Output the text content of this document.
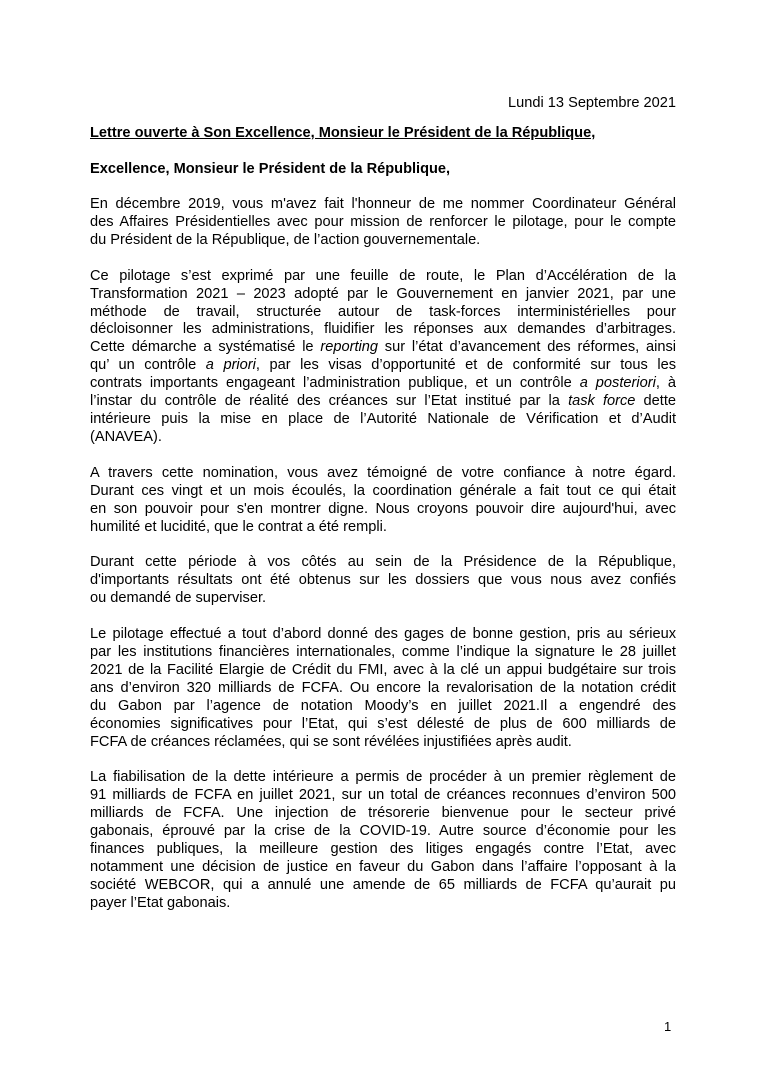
Lundi 13 Septembre 2021
Lettre ouverte à Son Excellence, Monsieur le Président de la République,
Excellence, Monsieur le Président de la République,
En décembre 2019, vous m'avez fait l'honneur de me nommer Coordinateur Général
des Affaires Présidentielles avec pour mission de renforcer le pilotage, pour le compte
du Président de la République, de l’action gouvernementale.
Ce pilotage s’est exprimé par une feuille de route, le Plan d’Accélération de la
Transformation 2021 – 2023 adopté par le Gouvernement en janvier 2021, par une
méthode de travail, structurée autour de task-forces interministérielles pour
décloisonner les administrations, fluidifier les réponses aux demandes d’arbitrages.
Cette démarche a systématisé le reporting sur l’état d’avancement des réformes, ainsi
qu’ un contrôle a priori, par les visas d’opportunité et de conformité sur tous les
contrats importants engageant l’administration publique, et un contrôle a posteriori, à
l’instar du contrôle de réalité des créances sur l’Etat institué par la task force dette
intérieure puis la mise en place de l’Autorité Nationale de Vérification et d’Audit
(ANAVEA).
A travers cette nomination, vous avez témoigné de votre confiance à notre égard.
Durant ces vingt et un mois écoulés, la coordination générale a fait tout ce qui était
en son pouvoir pour s'en montrer digne. Nous croyons pouvoir dire aujourd'hui, avec
humilité et lucidité, que le contrat a été rempli.
Durant cette période à vos côtés au sein de la Présidence de la République,
d'importants résultats ont été obtenus sur les dossiers que vous nous avez confiés
ou demandé de superviser.
Le pilotage effectué a tout d’abord donné des gages de bonne gestion, pris au sérieux
par les institutions financières internationales, comme l’indique la signature le 28 juillet
2021 de la Facilité Elargie de Crédit du FMI, avec à la clé un appui budgétaire sur trois
ans d’environ 320 milliards de FCFA. Ou encore la revalorisation de la notation crédit
du Gabon par l’agence de notation Moody’s en juillet 2021.Il a engendré des
économies significatives pour l’Etat, qui s’est délesté de plus de 600 milliards de
FCFA de créances réclamées, qui se sont révélées injustifiées après audit.
La fiabilisation de la dette intérieure a permis de procéder à un premier règlement de
91 milliards de FCFA en juillet 2021, sur un total de créances reconnues d’environ 500
milliards de FCFA. Une injection de trésorerie bienvenue pour le secteur privé
gabonais, éprouvé par la crise de la COVID-19. Autre source d’économie pour les
finances publiques, la meilleure gestion des litiges engagés contre l’Etat, avec
notamment une décision de justice en faveur du Gabon dans l’affaire l’opposant à la
société WEBCOR, qui a annulé une amende de 65 milliards de FCFA qu’aurait pu
payer l’Etat gabonais.
1
